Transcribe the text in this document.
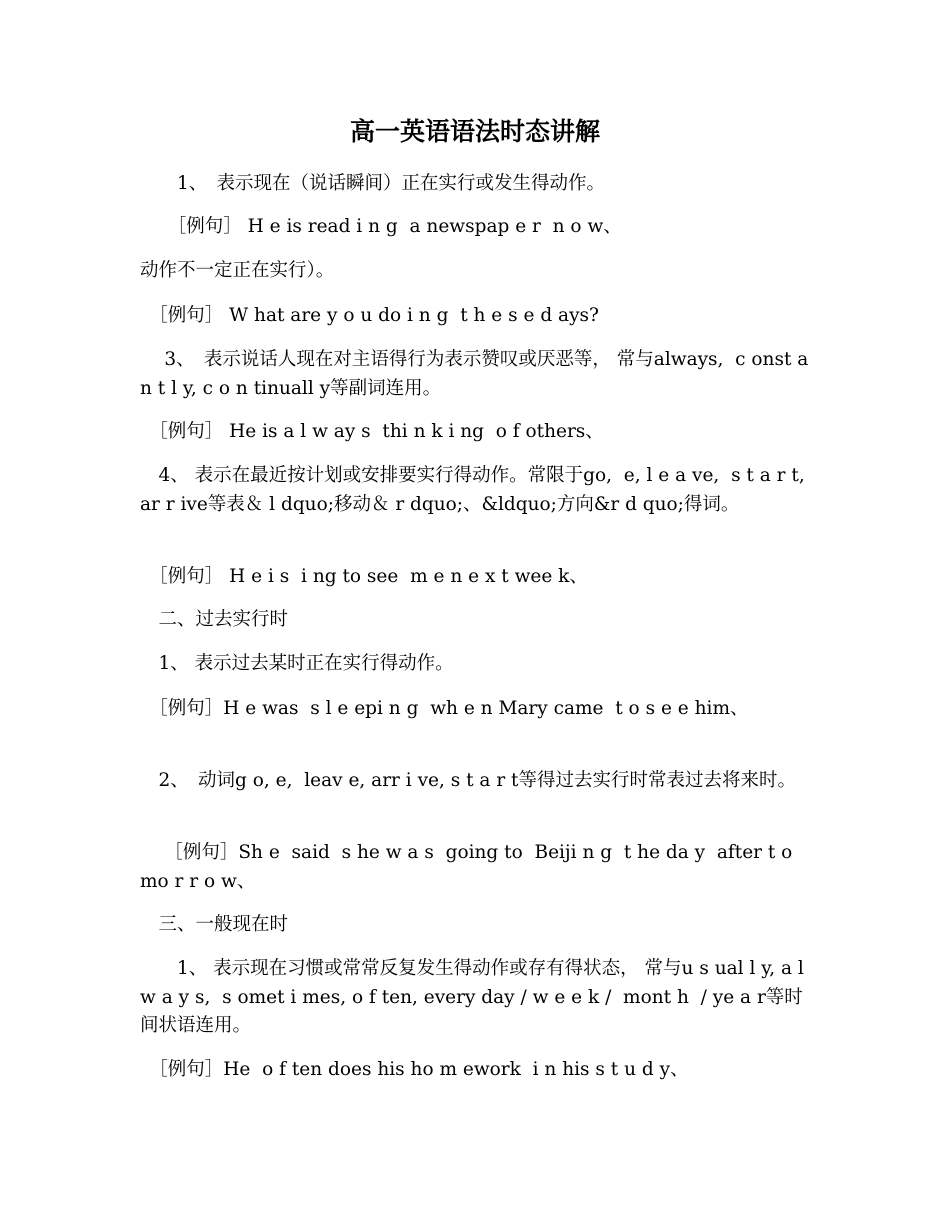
高一英语语法时态讲解

　　1、　表示现在（说话瞬间）正在实行或发生得动作。

　　［例句］ H e is read i n g  a newspap e r  n o w、

动作不一定正在实行）。

　［例句］ W hat are y o u do i n g  t h e s e d ays?

　 3、　表示说话人现在对主语得行为表示赞叹或厌恶等， 常与always,  c onst a n t l y, c o n tinuall y等副词连用。

　［例句］ He is a l w ay s  thi n k i ng  o f others、

　4、 表示在最近按计划或安排要实行得动作。常限于go,  e, l e a ve,  s t a r t, ar r ive等表＆ l dquo;移动＆ r dquo;、&ldquo;方向&r d quo;得词。

　［例句］ H e i s  i ng to see  m e n e x t wee k、

　二、过去实行时

　1、 表示过去某时正在实行得动作。

　［例句］H e was  s l e epi n g  wh e n Mary came  t o s e e him、

　2、　动词g o, e,  leav e, arr i ve, s t a r t等得过去实行时常表过去将来时。

　 ［例句］Sh e  said  s he w a s  going to  Beiji n g  t he da y  after t o mo r r o w、

　三、一般现在时

　　1、 表示现在习惯或常常反复发生得动作或存有得状态， 常与u s ual l y, a l w a y s,  s omet i mes, o f ten, every day / w e e k /  mont h  / ye a r等时间状语连用。

　［例句］He  o f ten does his ho m ework  i n his s t u d y、
